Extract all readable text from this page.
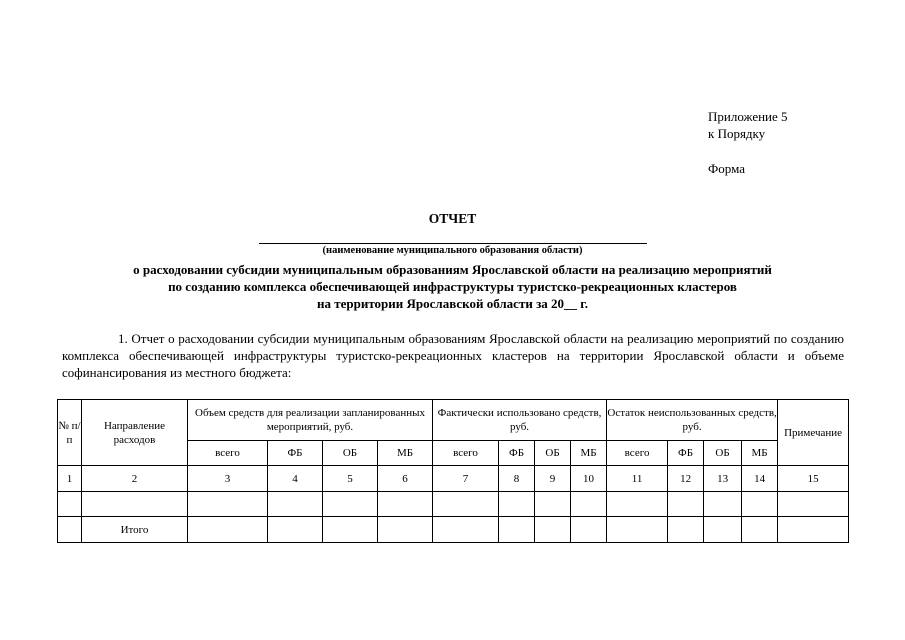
Приложение 5
к Порядку
Форма
ОТЧЕТ
(наименование муниципального образования области)
о расходовании субсидии муниципальным образованиям Ярославской области на реализацию мероприятий
по созданию комплекса обеспечивающей инфраструктуры туристско-рекреационных кластеров
на территории Ярославской области за 20__ г.
1. Отчет о расходовании субсидии муниципальным образованиям Ярославской области на реализацию мероприятий по созданию комплекса обеспечивающей инфраструктуры туристско-рекреационных кластеров на территории Ярославской области и объеме софинансирования из местного бюджета:
№ п/п	Направление расходов	Объем средств для реализации запланированных мероприятий, руб.				Фактически использовано средств, руб.				Остаток неиспользованных средств, руб.				Примечание
		всего	ФБ	ОБ	МБ	всего	ФБ	ОБ	МБ	всего	ФБ	ОБ	МБ	
1	2	3	4	5	6	7	8	9	10	11	12	13	14	15

	Итого													
